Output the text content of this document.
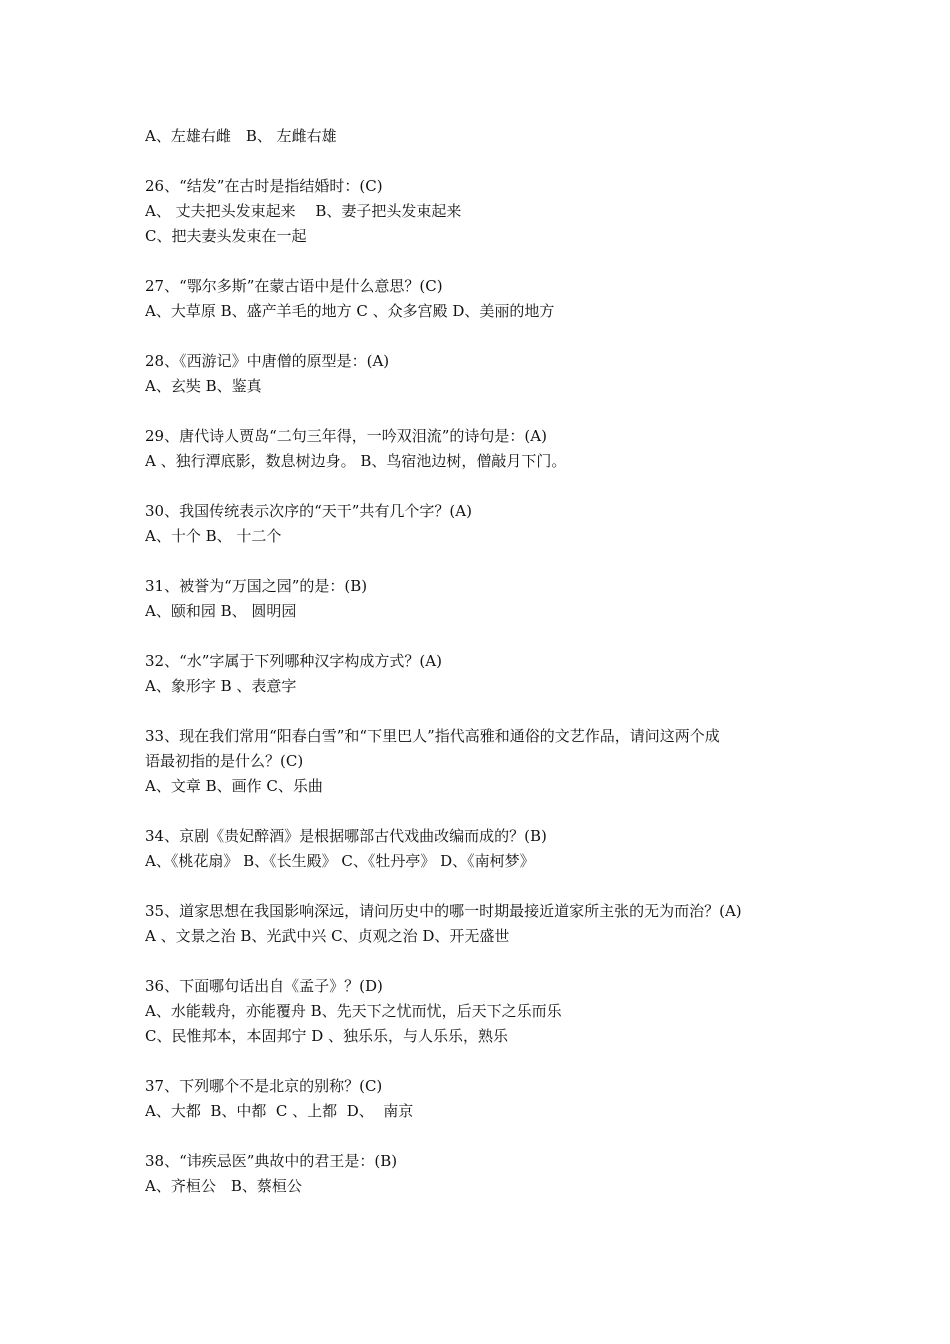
A、左雄右雌　B、 左雌右雄
26、“结发”在古时是指结婚时：(C)
A、 丈夫把头发束起来　 B、妻子把头发束起来
C、把夫妻头发束在一起
27、“鄂尔多斯”在蒙古语中是什么意思？(C)
A、大草原 B、盛产羊毛的地方 C 、众多宫殿 D、美丽的地方
28、《西游记》中唐僧的原型是：(A)
A、玄奘 B、鉴真
29、唐代诗人贾岛“二句三年得，一吟双泪流”的诗句是：(A)
A 、独行潭底影，数息树边身。 B、鸟宿池边树，僧敲月下门。
30、我国传统表示次序的“天干”共有几个字？(A)
A、十个 B、 十二个
31、被誉为“万国之园”的是：(B)
A、颐和园 B、 圆明园
32、“水”字属于下列哪种汉字构成方式？(A)
A、象形字 B 、表意字
33、现在我们常用“阳春白雪”和“下里巴人”指代高雅和通俗的文艺作品，请问这两个成
语最初指的是什么？(C)
A、文章 B、画作 C、乐曲
34、京剧《贵妃醉酒》是根据哪部古代戏曲改编而成的？(B)
A、《桃花扇》 B、《长生殿》 C、《牡丹亭》 D、《南柯梦》
35、道家思想在我国影响深远，请问历史中的哪一时期最接近道家所主张的无为而治？(A)
A 、文景之治 B、光武中兴 C、贞观之治 D、开无盛世
36、下面哪句话出自《孟子》？(D)
A、水能载舟，亦能覆舟 B、先天下之忧而忧，后天下之乐而乐
C、民惟邦本，本固邦宁 D 、独乐乐，与人乐乐，熟乐
37、下列哪个不是北京的别称？(C)
A、大都  B、中都  C 、上都  D、  南京
38、“讳疾忌医”典故中的君王是：(B)
A、齐桓公　B、蔡桓公
